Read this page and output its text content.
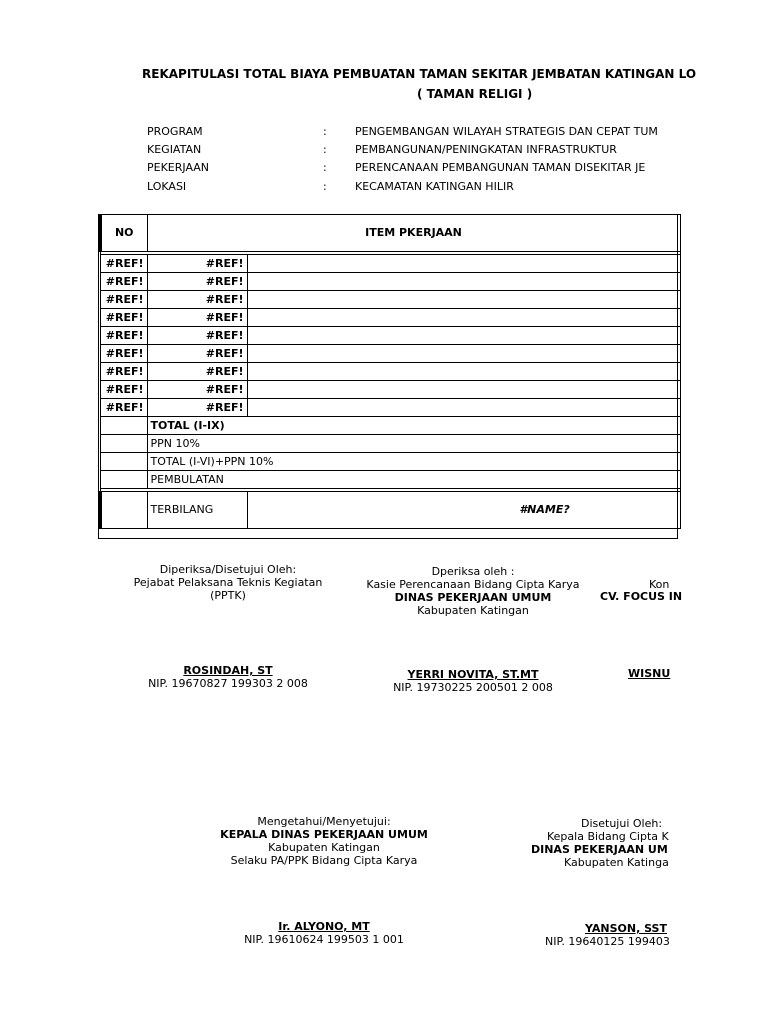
REKAPITULASI TOTAL BIAYA PEMBUATAN TAMAN SEKITAR JEMBATAN KATINGAN LO
( TAMAN RELIGI )
PROGRAM	:	PENGEMBANGAN WILAYAH STRATEGIS DAN CEPAT TUM
KEGIATAN	:	PEMBANGUNAN/PENINGKATAN INFRASTRUKTUR
PEKERJAAN	:	PERENCANAAN PEMBANGUNAN TAMAN DISEKITAR JE
LOKASI	:	KECAMATAN KATINGAN HILIR
NO	ITEM PKERJAAN	

#REF!	#REF!	
#REF!	#REF!	
#REF!	#REF!	
#REF!	#REF!	
#REF!	#REF!	
#REF!	#REF!	
#REF!	#REF!	
#REF!	#REF!	
#REF!	#REF!	
	TOTAL (I-IX)	
	PPN 10%	
	TOTAL (I-VI)+PPN 10%	
	PEMBULATAN	

	TERBILANG	#NAME?
Diperiksa/Disetujui Oleh:
Pejabat Pelaksana Teknis Kegiatan
(PPTK)
ROSINDAH, ST
NIP. 19670827 199303 2 008
Dperiksa oleh :
Kasie Perencanaan Bidang Cipta Karya
DINAS PEKERJAAN UMUM
Kabupaten Katingan
YERRI NOVITA, ST.MT
NIP. 19730225 200501 2 008
Kon
CV. FOCUS IN
WISNU
Mengetahui/Menyetujui:
KEPALA DINAS PEKERJAAN UMUM
Kabupaten Katingan
Selaku PA/PPK Bidang Cipta Karya
Ir. ALYONO, MT
NIP. 19610624 199503 1 001
Disetujui Oleh:
Kepala Bidang Cipta K
DINAS PEKERJAAN UM
Kabupaten Katinga
YANSON, SST
NIP. 19640125 199403
